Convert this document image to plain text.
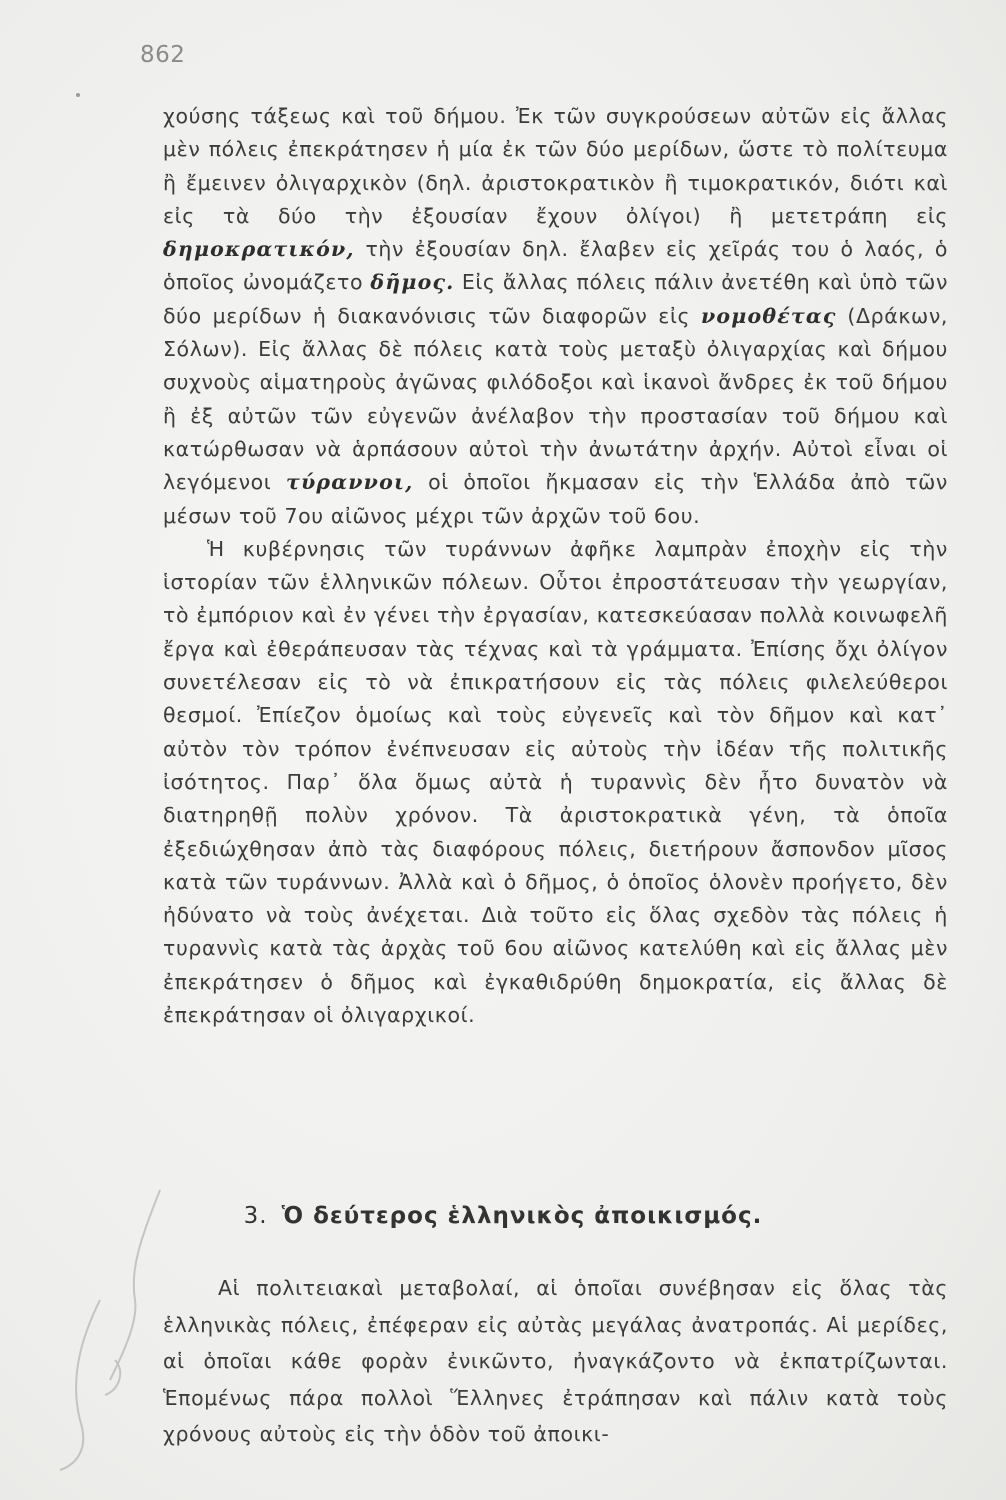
862

χούσης τάξεως καὶ τοῦ δήμου. Ἐκ τῶν συγκρούσεων αὐτῶν εἰς ἄλλας μὲν πόλεις ἐπεκράτησεν ἡ μία ἐκ τῶν δύο μερίδων, ὥστε τὸ πολίτευμα ἢ ἔμεινεν ὀλιγαρχικὸν (δηλ. ἀριστοκρατικὸν ἢ τιμοκρατικόν, διότι καὶ εἰς τὰ δύο τὴν ἐξουσίαν ἔχουν ὀλίγοι) ἢ μετετράπη εἰς δημοκρατικόν, τὴν ἐξουσίαν δηλ. ἔλαβεν εἰς χεῖράς του ὁ λαός, ὁ ὁποῖος ὠνομάζετο δῆμος. Εἰς ἄλλας πόλεις πάλιν ἀνετέθη καὶ ὑπὸ τῶν δύο μερίδων ἡ διακανόνισις τῶν διαφορῶν εἰς νομοθέτας (Δράκων, Σόλων). Εἰς ἄλλας δὲ πόλεις κατὰ τοὺς μεταξὺ ὀλιγαρχίας καὶ δήμου συχνοὺς αἱματηροὺς ἀγῶνας φιλόδοξοι καὶ ἱκανοὶ ἄνδρες ἐκ τοῦ δήμου ἢ ἐξ αὐτῶν τῶν εὐγενῶν ἀνέλαβον τὴν προστασίαν τοῦ δήμου καὶ κατώρθωσαν νὰ ἁρπάσουν αὐτοὶ τὴν ἀνωτάτην ἀρχήν. Αὐτοὶ εἶναι οἱ λεγόμενοι τύραννοι, οἱ ὁποῖοι ἤκμασαν εἰς τὴν Ἑλλάδα ἀπὸ τῶν μέσων τοῦ 7ου αἰῶνος μέχρι τῶν ἀρχῶν τοῦ 6ου.

Ἡ κυβέρνησις τῶν τυράννων ἀφῆκε λαμπρὰν ἐποχὴν εἰς τὴν ἱστορίαν τῶν ἑλληνικῶν πόλεων. Οὗτοι ἐπροστάτευσαν τὴν γεωργίαν, τὸ ἐμπόριον καὶ ἐν γένει τὴν ἐργασίαν, κατεσκεύασαν πολλὰ κοινωφελῆ ἔργα καὶ ἐθεράπευσαν τὰς τέχνας καὶ τὰ γράμματα. Ἐπίσης ὄχι ὀλίγον συνετέλεσαν εἰς τὸ νὰ ἐπικρατήσουν εἰς τὰς πόλεις φιλελεύθεροι θεσμοί. Ἐπίεζον ὁμοίως καὶ τοὺς εὐγενεῖς καὶ τὸν δῆμον καὶ κατ᾽ αὐτὸν τὸν τρόπον ἐνέπνευσαν εἰς αὐτοὺς τὴν ἰδέαν τῆς πολιτικῆς ἰσότητος. Παρ᾽ ὅλα ὅμως αὐτὰ ἡ τυραννὶς δὲν ἦτο δυνατὸν νὰ διατηρηθῇ πολὺν χρόνον. Τὰ ἀριστοκρατικὰ γένη, τὰ ὁποῖα ἐξεδιώχθησαν ἀπὸ τὰς διαφόρους πόλεις, διετήρουν ἄσπονδον μῖσος κατὰ τῶν τυράννων. Ἀλλὰ καὶ ὁ δῆμος, ὁ ὁποῖος ὁλονὲν προήγετο, δὲν ἠδύνατο νὰ τοὺς ἀνέχεται. Διὰ τοῦτο εἰς ὅλας σχεδὸν τὰς πόλεις ἡ τυραννὶς κατὰ τὰς ἀρχὰς τοῦ 6ου αἰῶνος κατελύθη καὶ εἰς ἄλλας μὲν ἐπεκράτησεν ὁ δῆμος καὶ ἐγκαθιδρύθη δημοκρατία, εἰς ἄλλας δὲ ἐπεκράτησαν οἱ ὀλιγαρχικοί.

3. Ὁ δεύτερος ἑλληνικὸς ἀποικισμός.

Αἱ πολιτειακαὶ μεταβολαί, αἱ ὁποῖαι συνέβησαν εἰς ὅλας τὰς ἑλληνικὰς πόλεις, ἐπέφεραν εἰς αὐτὰς μεγάλας ἀνατροπάς. Αἱ μερίδες, αἱ ὁποῖαι κάθε φορὰν ἐνικῶντο, ἠναγκάζοντο νὰ ἐκπατρίζωνται. Ἑπομένως πάρα πολλοὶ Ἕλληνες ἐτράπησαν καὶ πάλιν κατὰ τοὺς χρόνους αὐτοὺς εἰς τὴν ὁδὸν τοῦ ἀποικι-
